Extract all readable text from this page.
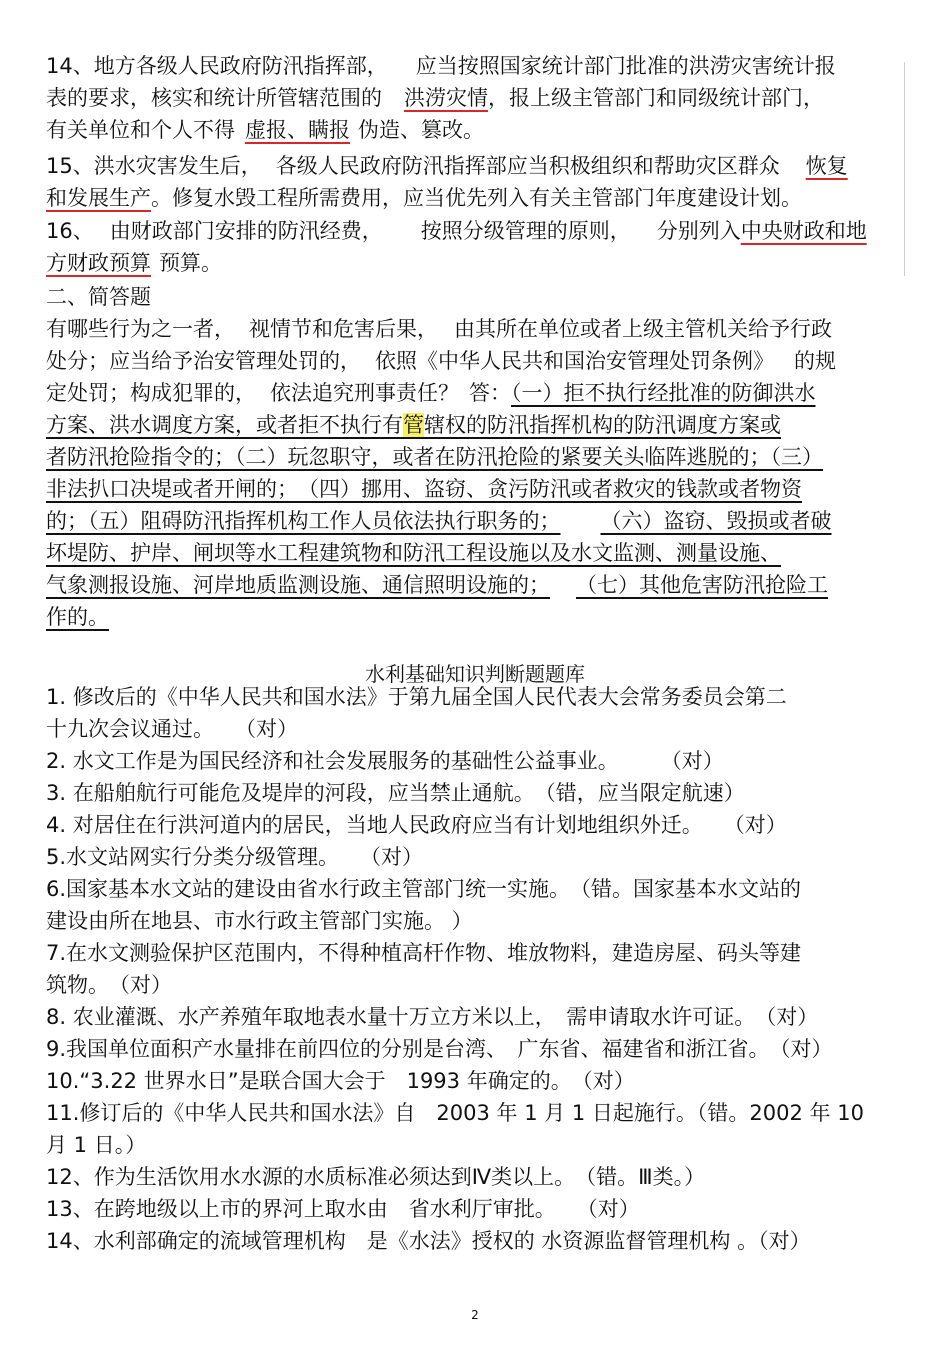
14、地方各级人民政府防汛指挥部， 应当按照国家统计部门批准的洪涝灾害统计报
表的要求，核实和统计所管辖范围的 洪涝灾情，报上级主管部门和同级统计部门，
有关单位和个人不得 虚报、瞒报 伪造、篡改。
15、洪水灾害发生后， 各级人民政府防汛指挥部应当积极组织和帮助灾区群众 恢复
和发展生产。修复水毁工程所需费用，应当优先列入有关主管部门年度建设计划。
16、 由财政部门安排的防汛经费， 按照分级管理的原则， 分别列入中央财政和地
方财政预算 预算。
二、简答题
有哪些行为之一者， 视情节和危害后果， 由其所在单位或者上级主管机关给予行政
处分；应当给予治安管理处罚的， 依照《中华人民共和国治安管理处罚条例》 的规
定处罚；构成犯罪的， 依法追究刑事责任？ 答：（一）拒不执行经批准的防御洪水
方案、洪水调度方案，或者拒不执行有管辖权的防汛指挥机构的防汛调度方案或
者防汛抢险指令的；（二）玩忽职守，或者在防汛抢险的紧要关头临阵逃脱的；（三）
非法扒口决堤或者开闸的；　（四）挪用、盗窃、贪污防汛或者救灾的钱款或者物资
的；（五）阻碍防汛指挥机构工作人员依法执行职务的； （六）盗窃、毁损或者破
坏堤防、护岸、闸坝等水工程建筑物和防汛工程设施以及水文监测、测量设施、
气象测报设施、河岸地质监测设施、通信照明设施的； （七）其他危害防汛抢险工
作的。
水利基础知识判断题题库
1. 修改后的《中华人民共和国水法》于第九届全国人民代表大会常务委员会第二
十九次会议通过。　　（对）
2. 水文工作是为国民经济和社会发展服务的基础性公益事业。　　　（对）
3. 在船舶航行可能危及堤岸的河段，应当禁止通航。　（错，应当限定航速）
4. 对居住在行洪河道内的居民，当地人民政府应当有计划地组织外迁。　　（对）
5.水文站网实行分类分级管理。　　（对）
6.国家基本水文站的建设由省水行政主管部门统一实施。　（错。国家基本水文站的
建设由所在地县、市水行政主管部门实施。 ）
7.在水文测验保护区范围内，不得种植高杆作物、堆放物料，建造房屋、码头等建
筑物。　（对）
8. 农业灌溉、水产养殖年取地表水量十万立方米以上，　需申请取水许可证。　（对）
9.我国单位面积产水量排在前四位的分别是台湾、　广东省、福建省和浙江省。　（对）
10.“3.22 世界水日”是联合国大会于　1993 年确定的。　（对）
11.修订后的《中华人民共和国水法》自　2003 年 1 月 1 日起施行。（错。2002 年 10
月 1 日。）
12、作为生活饮用水水源的水质标准必须达到Ⅳ类以上。　（错。Ⅲ类。）
13、在跨地级以上市的界河上取水由　省水利厅审批。　　（对）
14、水利部确定的流域管理机构　是《水法》授权的 水资源监督管理机构 。（对）
2
